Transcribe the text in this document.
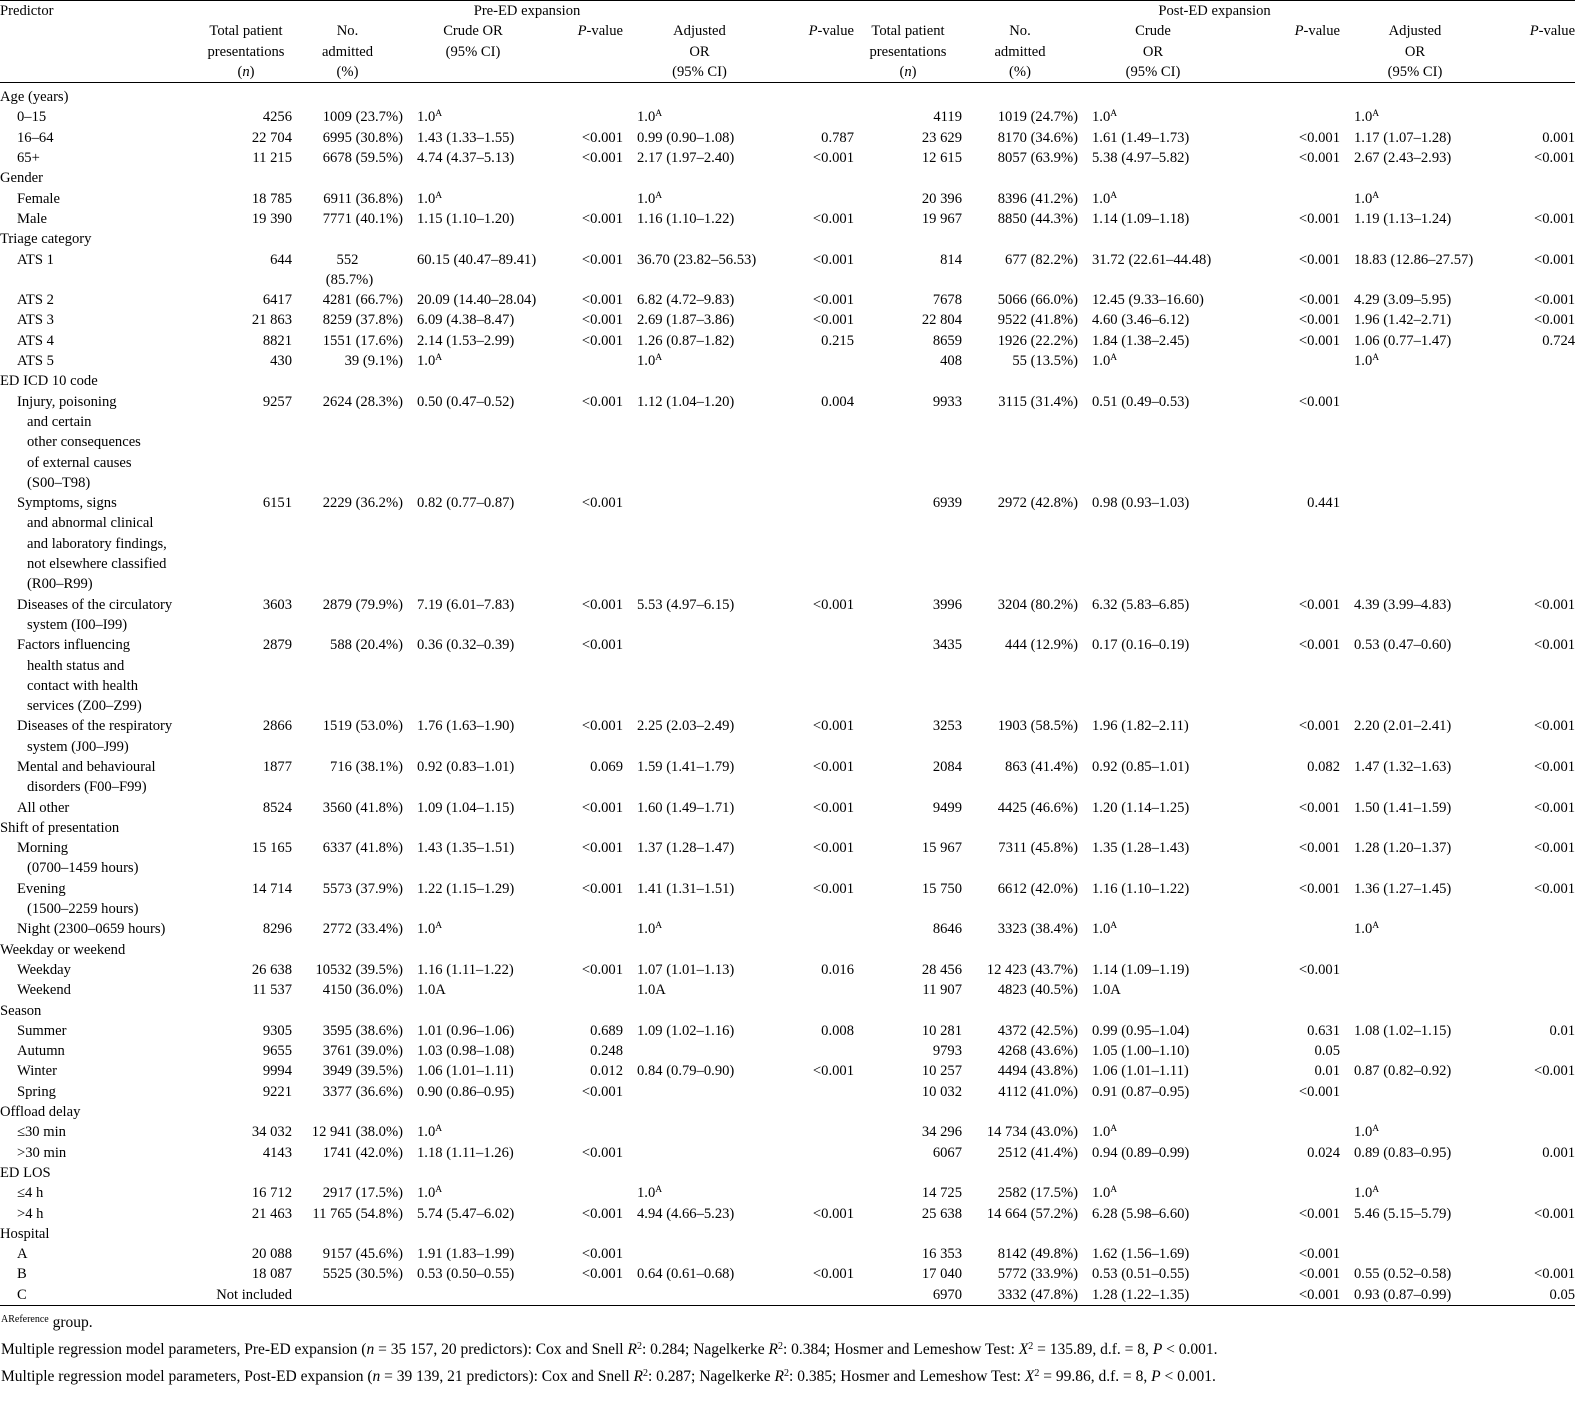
Predictor	Pre-ED expansion						Post-ED expansion					

	Total patient
presentations
(n)	No.
admitted
(%)	Crude OR
(95% CI)	P-value	Adjusted
OR
(95% CI)	P-value	Total patient
presentations
(n)	No.
admitted
(%)	Crude
OR
(95% CI)	P-value	Adjusted
OR
(95% CI)	P-value

Age (years)												

0–15	4256	1009 (23.7%)	$1.0^A$		$1.0^A$		4119	1019 (24.7%)	$1.0^A$		$1.0^A$	

16–64	22 704	6995 (30.8%)	1.43 (1.33–1.55)	<0.001	0.99 (0.90–1.08)	0.787	23 629	8170 (34.6%)	1.61 (1.49–1.73)	<0.001	1.17 (1.07–1.28)	0.001

65+	11 215	6678 (59.5%)	4.74 (4.37–5.13)	<0.001	2.17 (1.97–2.40)	<0.001	12 615	8057 (63.9%)	5.38 (4.97–5.82)	<0.001	2.67 (2.43–2.93)	<0.001
Gender												

Female	18 785	6911 (36.8%)	$1.0^A$		$1.0^A$		20 396	8396 (41.2%)	$1.0^A$		$1.0^A$	

Male	19 390	7771 (40.1%)	1.15 (1.10–1.20)	<0.001	1.16 (1.10–1.22)	<0.001	19 967	8850 (44.3%)	1.14 (1.09–1.18)	<0.001	1.19 (1.13–1.24)	<0.001
Triage category												

ATS 1	644	552
(85.7%)	60.15 (40.47–89.41)	<0.001	36.70 (23.82–56.53)	<0.001	814	677 (82.2%)	31.72 (22.61–44.48)	<0.001	18.83 (12.86–27.57)	<0.001

ATS 2	6417	4281 (66.7%)	20.09 (14.40–28.04)	<0.001	6.82 (4.72–9.83)	<0.001	7678	5066 (66.0%)	12.45 (9.33–16.60)	<0.001	4.29 (3.09–5.95)	<0.001

ATS 3	21 863	8259 (37.8%)	6.09 (4.38–8.47)	<0.001	2.69 (1.87–3.86)	<0.001	22 804	9522 (41.8%)	4.60 (3.46–6.12)	<0.001	1.96 (1.42–2.71)	<0.001

ATS 4	8821	1551 (17.6%)	2.14 (1.53–2.99)	<0.001	1.26 (0.87–1.82)	0.215	8659	1926 (22.2%)	1.84 (1.38–2.45)	<0.001	1.06 (0.77–1.47)	0.724

ATS 5	430	39 (9.1%)	$1.0^A$		$1.0^A$		408	55 (13.5%)	$1.0^A$		$1.0^A$	
ED ICD 10 code												

Injury, poisoning
and certain
other consequences
of external causes
(S00–T98)	9257	2624 (28.3%)	0.50 (0.47–0.52)	<0.001	1.12 (1.04–1.20)	0.004	9933	3115 (31.4%)	0.51 (0.49–0.53)	<0.001		

Symptoms, signs
and abnormal clinical
and laboratory findings,
not elsewhere classified
(R00–R99)	6151	2229 (36.2%)	0.82 (0.77–0.87)	<0.001			6939	2972 (42.8%)	0.98 (0.93–1.03)	0.441		

Diseases of the circulatory
system (I00–I99)	3603	2879 (79.9%)	7.19 (6.01–7.83)	<0.001	5.53 (4.97–6.15)	<0.001	3996	3204 (80.2%)	6.32 (5.83–6.85)	<0.001	4.39 (3.99–4.83)	<0.001

Factors influencing
health status and
contact with health
services (Z00–Z99)	2879	588 (20.4%)	0.36 (0.32–0.39)	<0.001			3435	444 (12.9%)	0.17 (0.16–0.19)	<0.001	0.53 (0.47–0.60)	<0.001

Diseases of the respiratory
system (J00–J99)	2866	1519 (53.0%)	1.76 (1.63–1.90)	<0.001	2.25 (2.03–2.49)	<0.001	3253	1903 (58.5%)	1.96 (1.82–2.11)	<0.001	2.20 (2.01–2.41)	<0.001

Mental and behavioural
disorders (F00–F99)	1877	716 (38.1%)	0.92 (0.83–1.01)	0.069	1.59 (1.41–1.79)	<0.001	2084	863 (41.4%)	0.92 (0.85–1.01)	0.082	1.47 (1.32–1.63)	<0.001

All other	8524	3560 (41.8%)	1.09 (1.04–1.15)	<0.001	1.60 (1.49–1.71)	<0.001	9499	4425 (46.6%)	1.20 (1.14–1.25)	<0.001	1.50 (1.41–1.59)	<0.001
Shift of presentation												

Morning
(0700–1459 hours)	15 165	6337 (41.8%)	1.43 (1.35–1.51)	<0.001	1.37 (1.28–1.47)	<0.001	15 967	7311 (45.8%)	1.35 (1.28–1.43)	<0.001	1.28 (1.20–1.37)	<0.001

Evening
(1500–2259 hours)	14 714	5573 (37.9%)	1.22 (1.15–1.29)	<0.001	1.41 (1.31–1.51)	<0.001	15 750	6612 (42.0%)	1.16 (1.10–1.22)	<0.001	1.36 (1.27–1.45)	<0.001

Night (2300–0659 hours)	8296	2772 (33.4%)	$1.0^A$		$1.0^A$		8646	3323 (38.4%)	$1.0^A$		$1.0^A$	
Weekday or weekend												

Weekday	26 638	10532 (39.5%)	1.16 (1.11–1.22)	<0.001	1.07 (1.01–1.13)	0.016	28 456	12 423 (43.7%)	1.14 (1.09–1.19)	<0.001		

Weekend	11 537	4150 (36.0%)	1.0A		1.0A		11 907	4823 (40.5%)	1.0A			
Season												

Summer	9305	3595 (38.6%)	1.01 (0.96–1.06)	0.689	1.09 (1.02–1.16)	0.008	10 281	4372 (42.5%)	0.99 (0.95–1.04)	0.631	1.08 (1.02–1.15)	0.01

Autumn	9655	3761 (39.0%)	1.03 (0.98–1.08)	0.248			9793	4268 (43.6%)	1.05 (1.00–1.10)	0.05		

Winter	9994	3949 (39.5%)	1.06 (1.01–1.11)	0.012	0.84 (0.79–0.90)	<0.001	10 257	4494 (43.8%)	1.06 (1.01–1.11)	0.01	0.87 (0.82–0.92)	<0.001

Spring	9221	3377 (36.6%)	0.90 (0.86–0.95)	<0.001			10 032	4112 (41.0%)	0.91 (0.87–0.95)	<0.001		
Offload delay												

≤30 min	34 032	12 941 (38.0%)	$1.0^A$				34 296	14 734 (43.0%)	$1.0^A$		$1.0^A$	

>30 min	4143	1741 (42.0%)	1.18 (1.11–1.26)	<0.001			6067	2512 (41.4%)	0.94 (0.89–0.99)	0.024	0.89 (0.83–0.95)	0.001
ED LOS												

≤4 h	16 712	2917 (17.5%)	$1.0^A$		$1.0^A$		14 725	2582 (17.5%)	$1.0^A$		$1.0^A$	

>4 h	21 463	11 765 (54.8%)	5.74 (5.47–6.02)	<0.001	4.94 (4.66–5.23)	<0.001	25 638	14 664 (57.2%)	6.28 (5.98–6.60)	<0.001	5.46 (5.15–5.79)	<0.001
Hospital												

A	20 088	9157 (45.6%)	1.91 (1.83–1.99)	<0.001			16 353	8142 (49.8%)	1.62 (1.56–1.69)	<0.001		

B	18 087	5525 (30.5%)	0.53 (0.50–0.55)	<0.001	0.64 (0.61–0.68)	<0.001	17 040	5772 (33.9%)	0.53 (0.51–0.55)	<0.001	0.55 (0.52–0.58)	<0.001

C	Not included						6970	3332 (47.8%)	1.28 (1.22–1.35)	<0.001	0.93 (0.87–0.99)	0.05
$^{AReference}$ group.
Multiple regression model parameters, Pre-ED expansion (n = 35 157, 20 predictors): Cox and Snell $R^2$: 0.284; Nagelkerke $R^2$: 0.384; Hosmer and Lemeshow Test: $X^2 = 135.89$, d.f. = 8, P < 0.001.
Multiple regression model parameters, Post-ED expansion (n = 39 139, 21 predictors): Cox and Snell $R^2$: 0.287; Nagelkerke $R^2$: 0.385; Hosmer and Lemeshow Test: $X^2 = 99.86$, d.f. = 8, P < 0.001.
